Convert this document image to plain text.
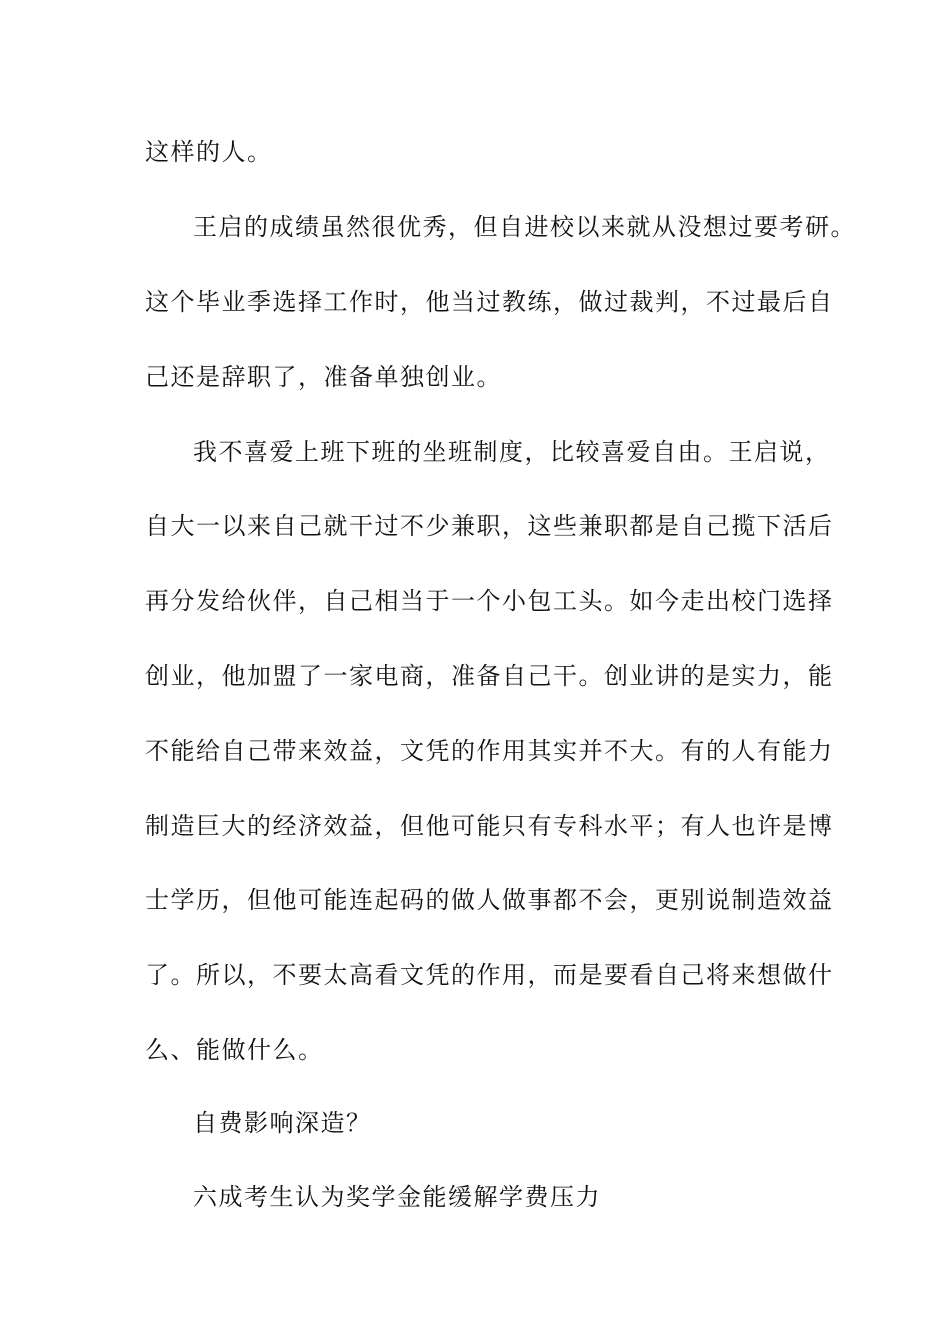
这样的人。
王启的成绩虽然很优秀，但自进校以来就从没想过要考研。
这个毕业季选择工作时，他当过教练，做过裁判，不过最后自
己还是辞职了，准备单独创业。
我不喜爱上班下班的坐班制度，比较喜爱自由。王启说，
自大一以来自己就干过不少兼职，这些兼职都是自己揽下活后
再分发给伙伴，自己相当于一个小包工头。如今走出校门选择
创业，他加盟了一家电商，准备自己干。创业讲的是实力，能
不能给自己带来效益，文凭的作用其实并不大。有的人有能力
制造巨大的经济效益，但他可能只有专科水平；有人也许是博
士学历，但他可能连起码的做人做事都不会，更别说制造效益
了。所以，不要太高看文凭的作用，而是要看自己将来想做什
么、能做什么。
自费影响深造？
六成考生认为奖学金能缓解学费压力
